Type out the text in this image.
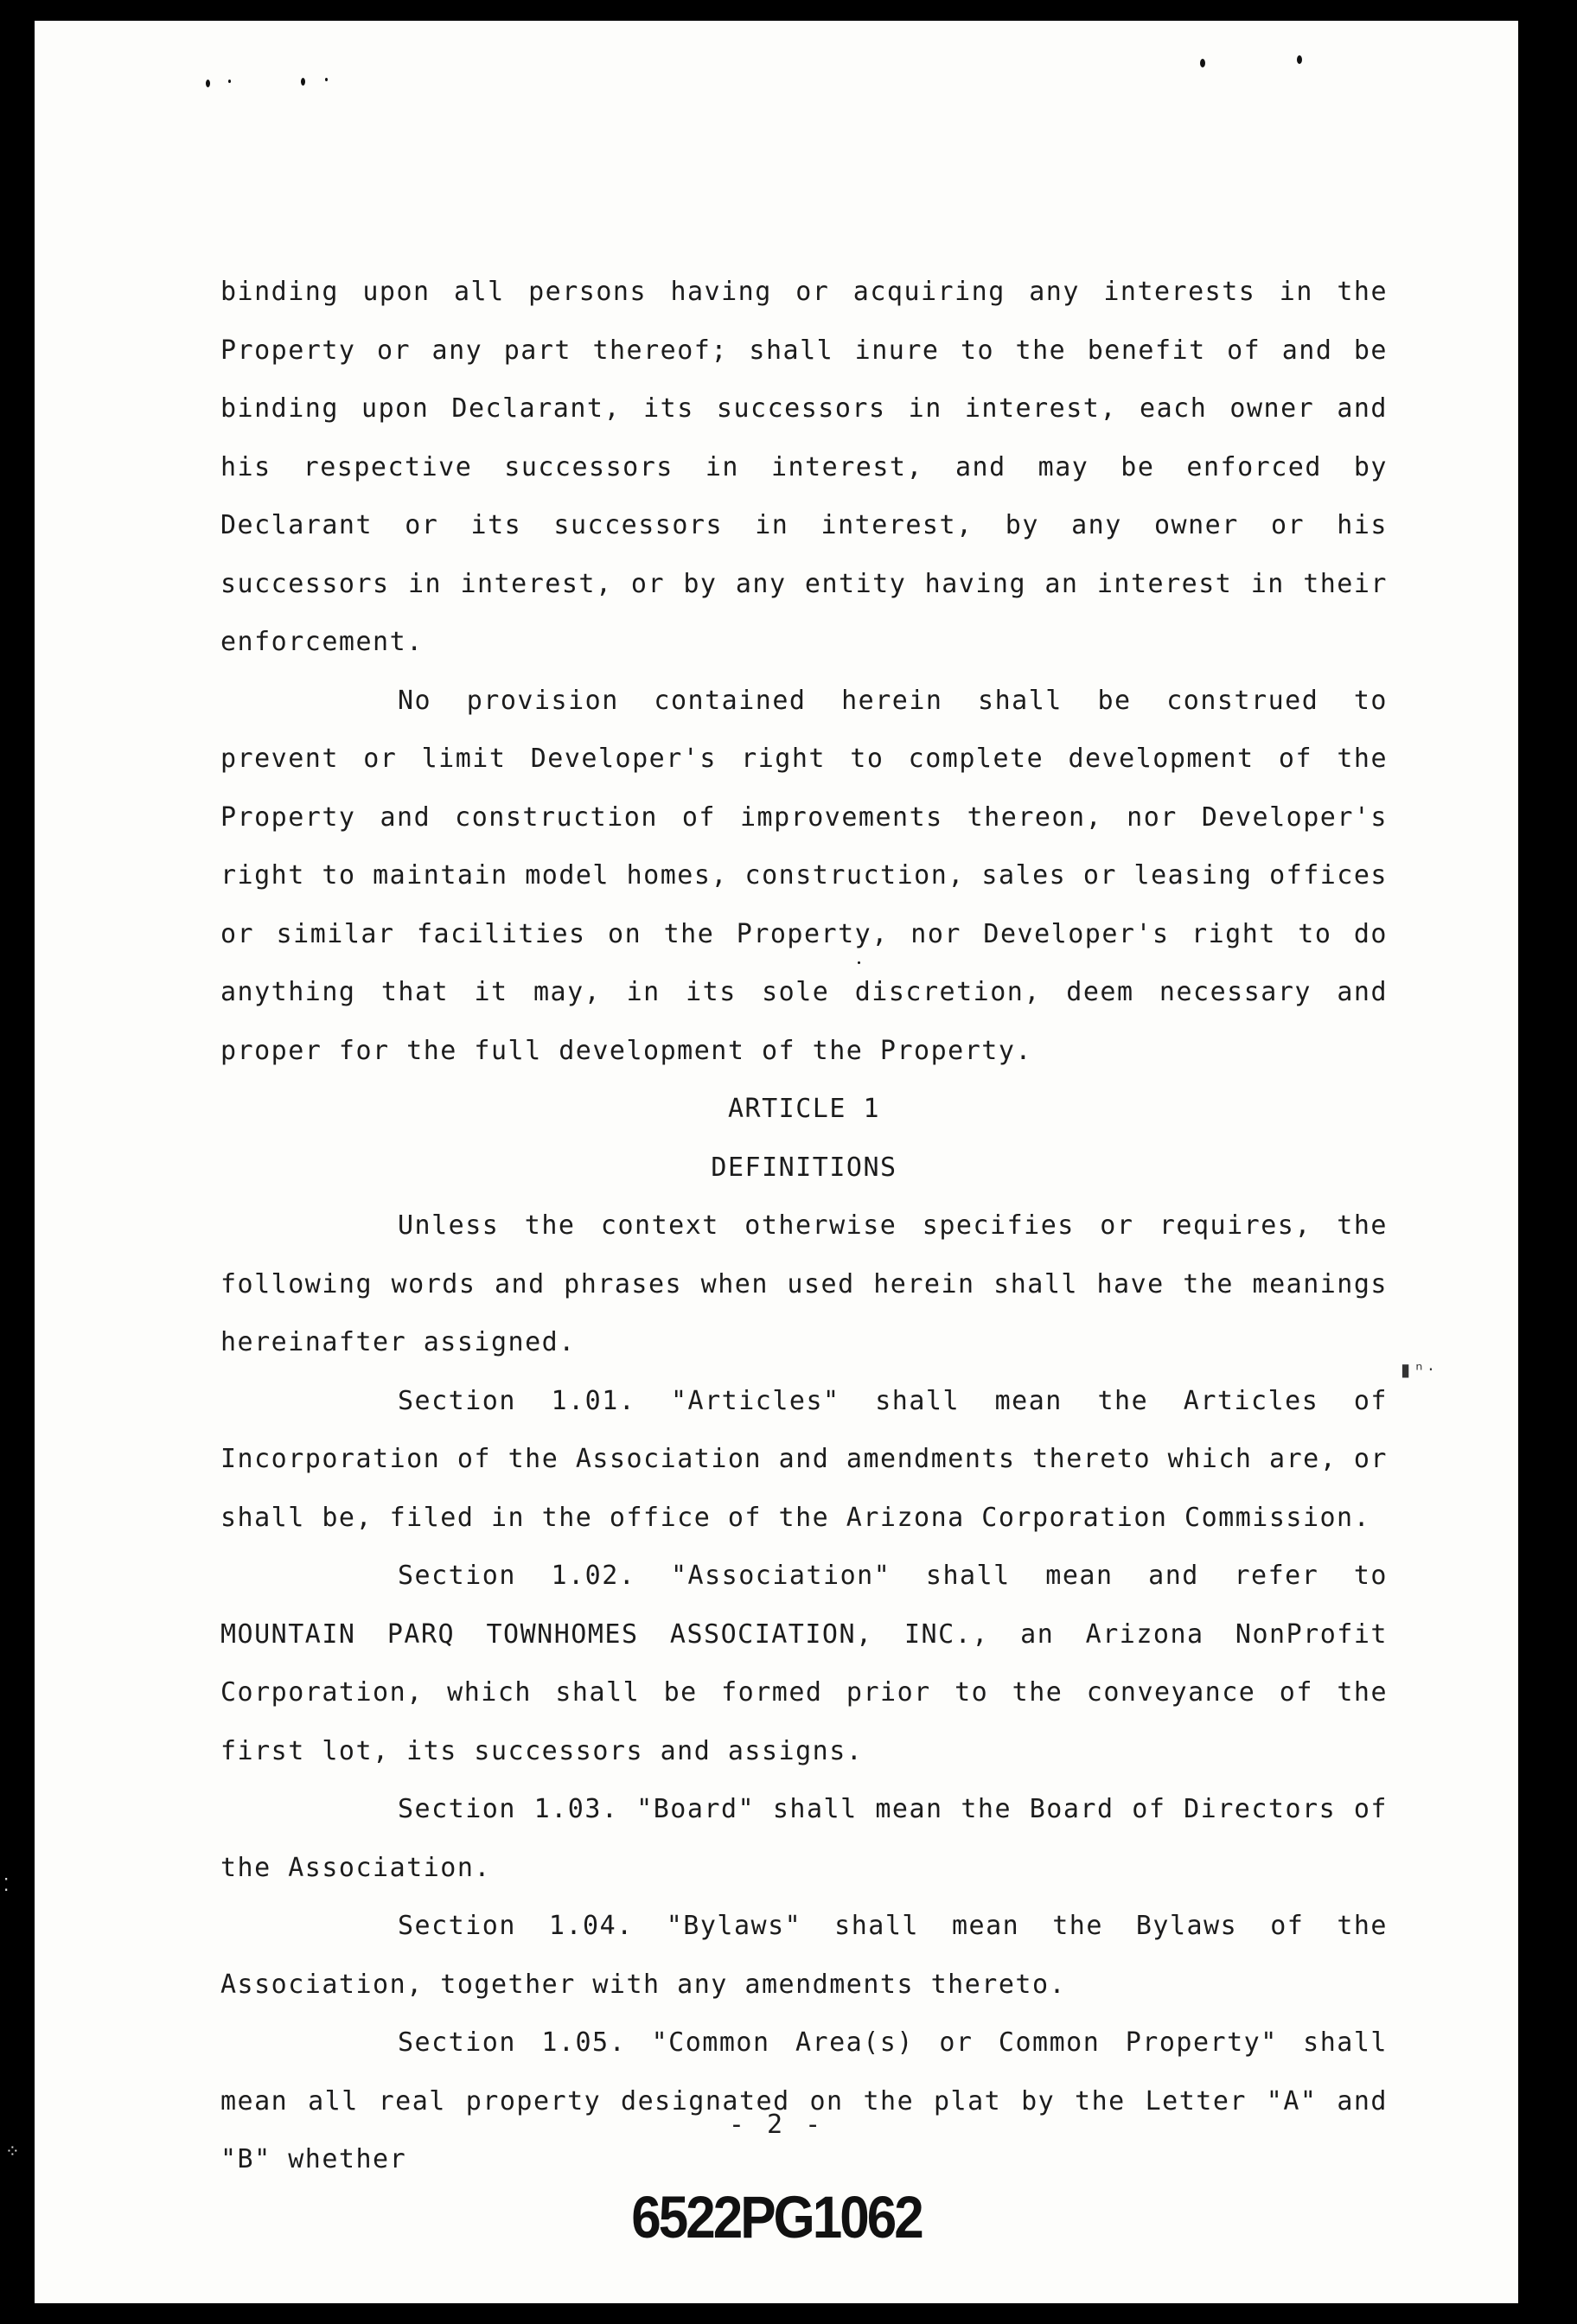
▮ ⁿ ·

binding upon all persons having or acquiring any interests in the Property or any part thereof; shall inure to the benefit of and be binding upon Declarant, its successors in interest, each owner and his respective successors in interest, and may be enforced by Declarant or its successors in interest, by any owner or his successors in interest, or by any entity having an interest in their enforcement.

No provision contained herein shall be construed to prevent or limit Developer's right to complete development of the Property and construction of improvements thereon, nor Developer's right to maintain model homes, construction, sales or leasing offices or similar facilities on the Property, nor Developer's right to do anything that it may, in its sole discretion, deem necessary and proper for the full development of the Property.

ARTICLE 1

DEFINITIONS

Unless the context otherwise specifies or requires, the following words and phrases when used herein shall have the meanings hereinafter assigned.

Section 1.01. "Articles" shall mean the Articles of Incorporation of the Association and amendments thereto which are, or shall be, filed in the office of the Arizona Corporation Commission.

Section 1.02. "Association" shall mean and refer to MOUNTAIN PARQ TOWNHOMES ASSOCIATION, INC., an Arizona NonProfit Corporation, which shall be formed prior to the conveyance of the first lot, its successors and assigns.

Section 1.03. "Board" shall mean the Board of Directors of the Association.

Section 1.04. "Bylaws" shall mean the Bylaws of the Association, together with any amendments thereto.

Section 1.05. "Common Area(s) or Common Property" shall mean all real property designated on the plat by the Letter "A" and "B" whether

- 2 -
6522PG1062
⁚
⁘
